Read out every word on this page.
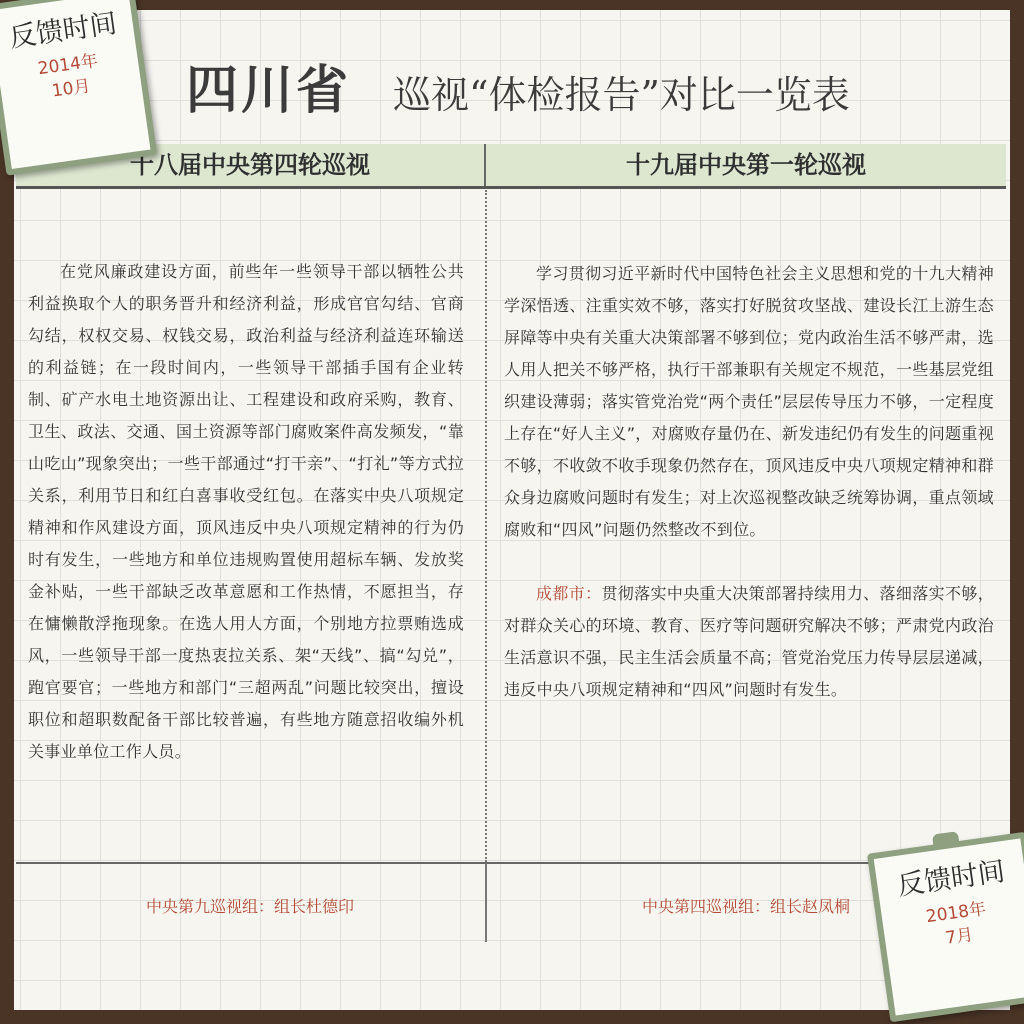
四川省 巡视“体检报告”对比一览表
十八届中央第四轮巡视	十九届中央第一轮巡视
在党风廉政建设方面，前些年一些领导干部以牺牲公共利益换取个人的职务晋升和经济利益，形成官官勾结、官商勾结，权权交易、权钱交易，政治利益与经济利益连环输送的利益链；在一段时间内，一些领导干部插手国有企业转制、矿产水电土地资源出让、工程建设和政府采购，教育、卫生、政法、交通、国土资源等部门腐败案件高发频发，“靠山吃山”现象突出；一些干部通过“打干亲”、“打礼”等方式拉关系，利用节日和红白喜事收受红包。在落实中央八项规定精神和作风建设方面，顶风违反中央八项规定精神的行为仍时有发生，一些地方和单位违规购置使用超标车辆、发放奖金补贴，一些干部缺乏改革意愿和工作热情，不愿担当，存在慵懒散浮拖现象。在选人用人方面，个别地方拉票贿选成风，一些领导干部一度热衷拉关系、架“天线”、搞“勾兑”，跑官要官；一些地方和部门“三超两乱”问题比较突出，擅设职位和超职数配备干部比较普遍，有些地方随意招收编外机关事业单位工作人员。

学习贯彻习近平新时代中国特色社会主义思想和党的十九大精神学深悟透、注重实效不够，落实打好脱贫攻坚战、建设长江上游生态屏障等中央有关重大决策部署不够到位；党内政治生活不够严肃，选人用人把关不够严格，执行干部兼职有关规定不规范，一些基层党组织建设薄弱；落实管党治党“两个责任”层层传导压力不够，一定程度上存在“好人主义”，对腐败存量仍在、新发违纪仍有发生的问题重视不够，不收敛不收手现象仍然存在，顶风违反中央八项规定精神和群众身边腐败问题时有发生；对上次巡视整改缺乏统筹协调，重点领域腐败和“四风”问题仍然整改不到位。

成都市：贯彻落实中央重大决策部署持续用力、落细落实不够，对群众关心的环境、教育、医疗等问题研究解决不够；严肃党内政治生活意识不强，民主生活会质量不高；管党治党压力传导层层递减，违反中央八项规定精神和“四风”问题时有发生。

中央第九巡视组：组长杜德印	中央第四巡视组：组长赵凤桐
反馈时间
2014年
10月
反馈时间
2018年
7月
